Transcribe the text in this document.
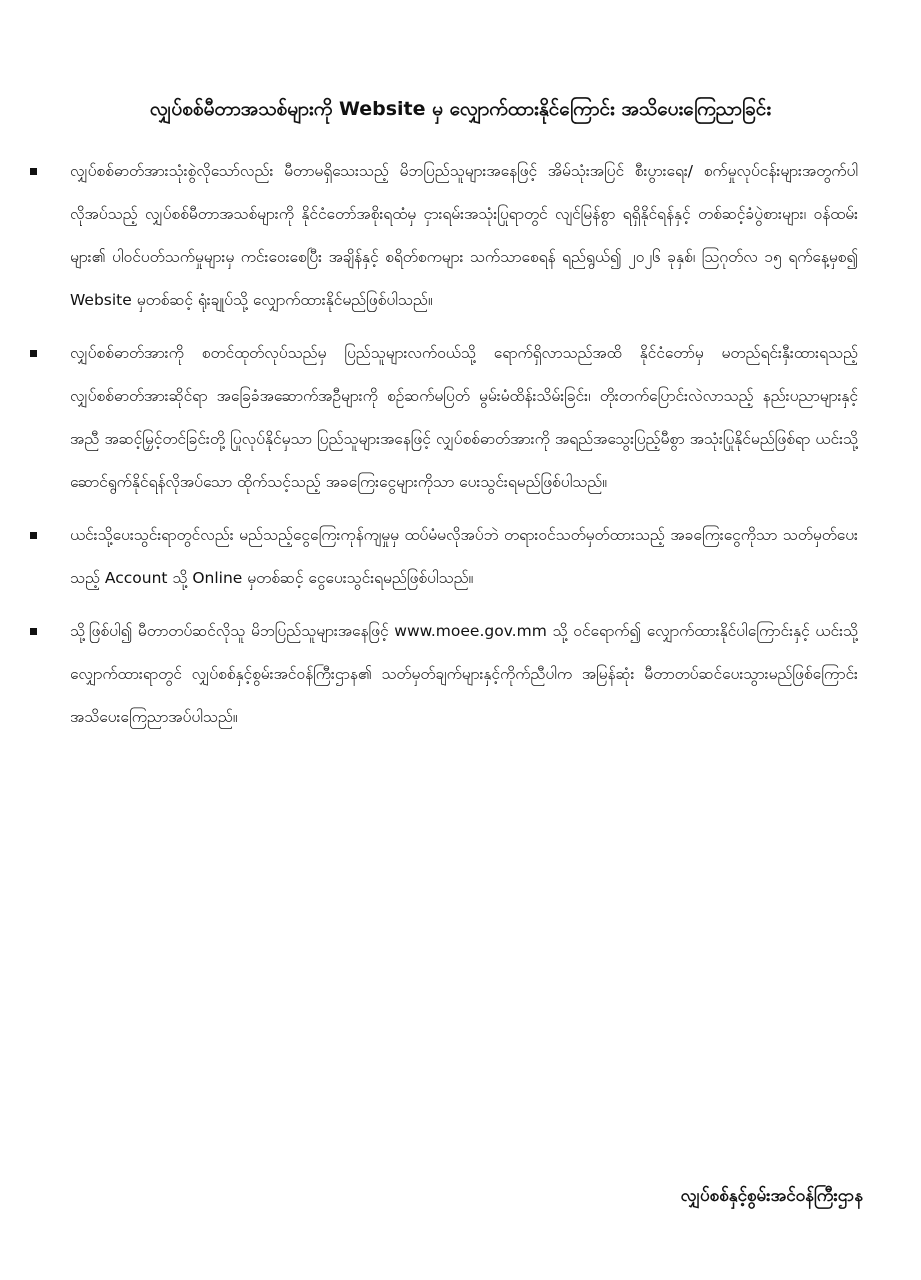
လျှပ်စစ်မီတာအသစ်များကို Website မှ လျှောက်ထားနိုင်ကြောင်း အသိပေးကြေညာခြင်း
လျှပ်စစ်ဓာတ်အားသုံးစွဲလိုသော်လည်း မီတာမရှိသေးသည့် မိဘပြည်သူများအနေဖြင့် အိမ်သုံးအပြင် စီးပွားရေး/ စက်မှုလုပ်ငန်းများအတွက်ပါ လိုအပ်သည့် လျှပ်စစ်မီတာအသစ်များကို နိုင်ငံတော်အစိုးရထံမှ ငှားရမ်းအသုံးပြုရာတွင် လျင်မြန်စွာ ရရှိနိုင်ရန်နှင့် တစ်ဆင့်ခံပွဲစားများ၊ ဝန်ထမ်းများ၏ ပါဝင်ပတ်သက်မှုများမှ ကင်းဝေးစေပြီး အချိန်နှင့် စရိတ်စကများ သက်သာစေရန် ရည်ရွယ်၍ ၂၀၂၆ ခုနှစ်၊ ဩဂုတ်လ ၁၅ ရက်နေ့မှစ၍ Website မှတစ်ဆင့် ရုံးချုပ်သို့ လျှောက်ထားနိုင်မည်ဖြစ်ပါသည်။
လျှပ်စစ်ဓာတ်အားကို စတင်ထုတ်လုပ်သည်မှ ပြည်သူများလက်ဝယ်သို့ ရောက်ရှိလာသည်အထိ နိုင်ငံတော်မှ မတည်ရင်းနှီးထားရသည့် လျှပ်စစ်ဓာတ်အားဆိုင်ရာ အခြေခံအဆောက်အဦများကို စဉ်ဆက်မပြတ် မွမ်းမံထိန်းသိမ်းခြင်း၊ တိုးတက်ပြောင်းလဲလာသည့် နည်းပညာများနှင့်အညီ အဆင့်မြှင့်တင်ခြင်းတို့ ပြုလုပ်နိုင်မှသာ ပြည်သူများအနေဖြင့် လျှပ်စစ်ဓာတ်အားကို အရည်အသွေးပြည့်မီစွာ အသုံးပြုနိုင်မည်ဖြစ်ရာ ယင်းသို့ဆောင်ရွက်နိုင်ရန်လိုအပ်သော ထိုက်သင့်သည့် အခကြေးငွေများကိုသာ ပေးသွင်းရမည်ဖြစ်ပါသည်။
ယင်းသို့ပေးသွင်းရာတွင်လည်း မည်သည့်ငွေကြေးကုန်ကျမှုမှ ထပ်မံမလိုအပ်ဘဲ တရားဝင်သတ်မှတ်ထားသည့် အခကြေးငွေကိုသာ သတ်မှတ်ပေးသည့် Account သို့ Online မှတစ်ဆင့် ငွေပေးသွင်းရမည်ဖြစ်ပါသည်။
သို့ဖြစ်ပါ၍ မီတာတပ်ဆင်လိုသူ မိဘပြည်သူများအနေဖြင့် www.moee.gov.mm သို့ ဝင်ရောက်၍ လျှောက်ထားနိုင်ပါကြောင်းနှင့် ယင်းသို့လျှောက်ထားရာတွင် လျှပ်စစ်နှင့်စွမ်းအင်ဝန်ကြီးဌာန၏ သတ်မှတ်ချက်များနှင့်ကိုက်ညီပါက အမြန်ဆုံး မီတာတပ်ဆင်ပေးသွားမည်ဖြစ်ကြောင်း အသိပေးကြေညာအပ်ပါသည်။

လျှပ်စစ်နှင့်စွမ်းအင်ဝန်ကြီးဌာန
